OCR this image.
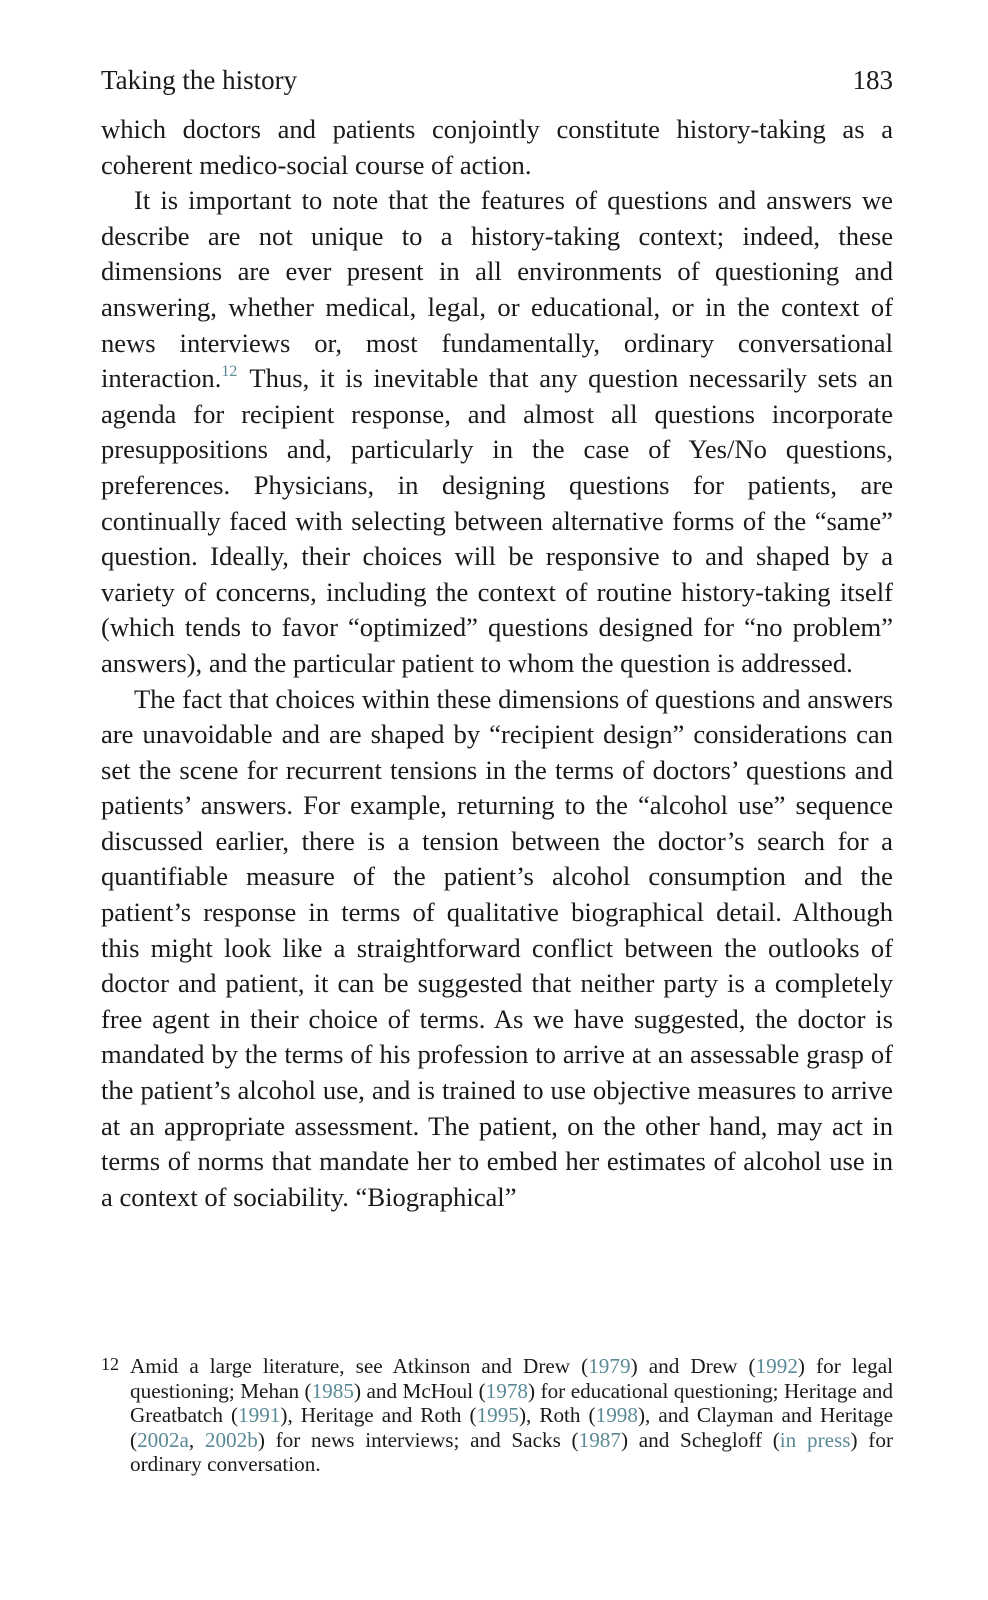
Taking the history	183

which doctors and patients conjointly constitute history-taking as a coherent medico-social course of action.

It is important to note that the features of questions and answers we describe are not unique to a history-taking context; indeed, these dimensions are ever present in all environments of questioning and answering, whether medical, legal, or educational, or in the context of news interviews or, most fundamentally, ordinary conversational interaction.$^{12}$ Thus, it is inevitable that any question necessarily sets an agenda for recipient response, and almost all questions incorporate presuppositions and, particularly in the case of Yes/No questions, preferences. Physicians, in designing questions for patients, are continually faced with selecting between alternative forms of the “same” question. Ideally, their choices will be responsive to and shaped by a variety of concerns, including the context of routine history-taking itself (which tends to favor “optimized” questions designed for “no problem” answers), and the particular patient to whom the question is addressed.

The fact that choices within these dimensions of questions and answers are unavoidable and are shaped by “recipient design” considerations can set the scene for recurrent tensions in the terms of doctors’ questions and patients’ answers. For example, returning to the “alcohol use” sequence discussed earlier, there is a tension between the doctor’s search for a quantifiable measure of the patient’s alcohol consumption and the patient’s response in terms of qualitative biographical detail. Although this might look like a straightforward conflict between the outlooks of doctor and patient, it can be suggested that neither party is a completely free agent in their choice of terms. As we have suggested, the doctor is mandated by the terms of his profession to arrive at an assessable grasp of the patient’s alcohol use, and is trained to use objective measures to arrive at an appropriate assessment. The patient, on the other hand, may act in terms of norms that mandate her to embed her estimates of alcohol use in a context of sociability. “Biographical”

12 Amid a large literature, see Atkinson and Drew (1979) and Drew (1992) for legal questioning; Mehan (1985) and McHoul (1978) for educational questioning; Heritage and Greatbatch (1991), Heritage and Roth (1995), Roth (1998), and Clayman and Heritage (2002a, 2002b) for news interviews; and Sacks (1987) and Schegloff (in press) for ordinary conversation.
